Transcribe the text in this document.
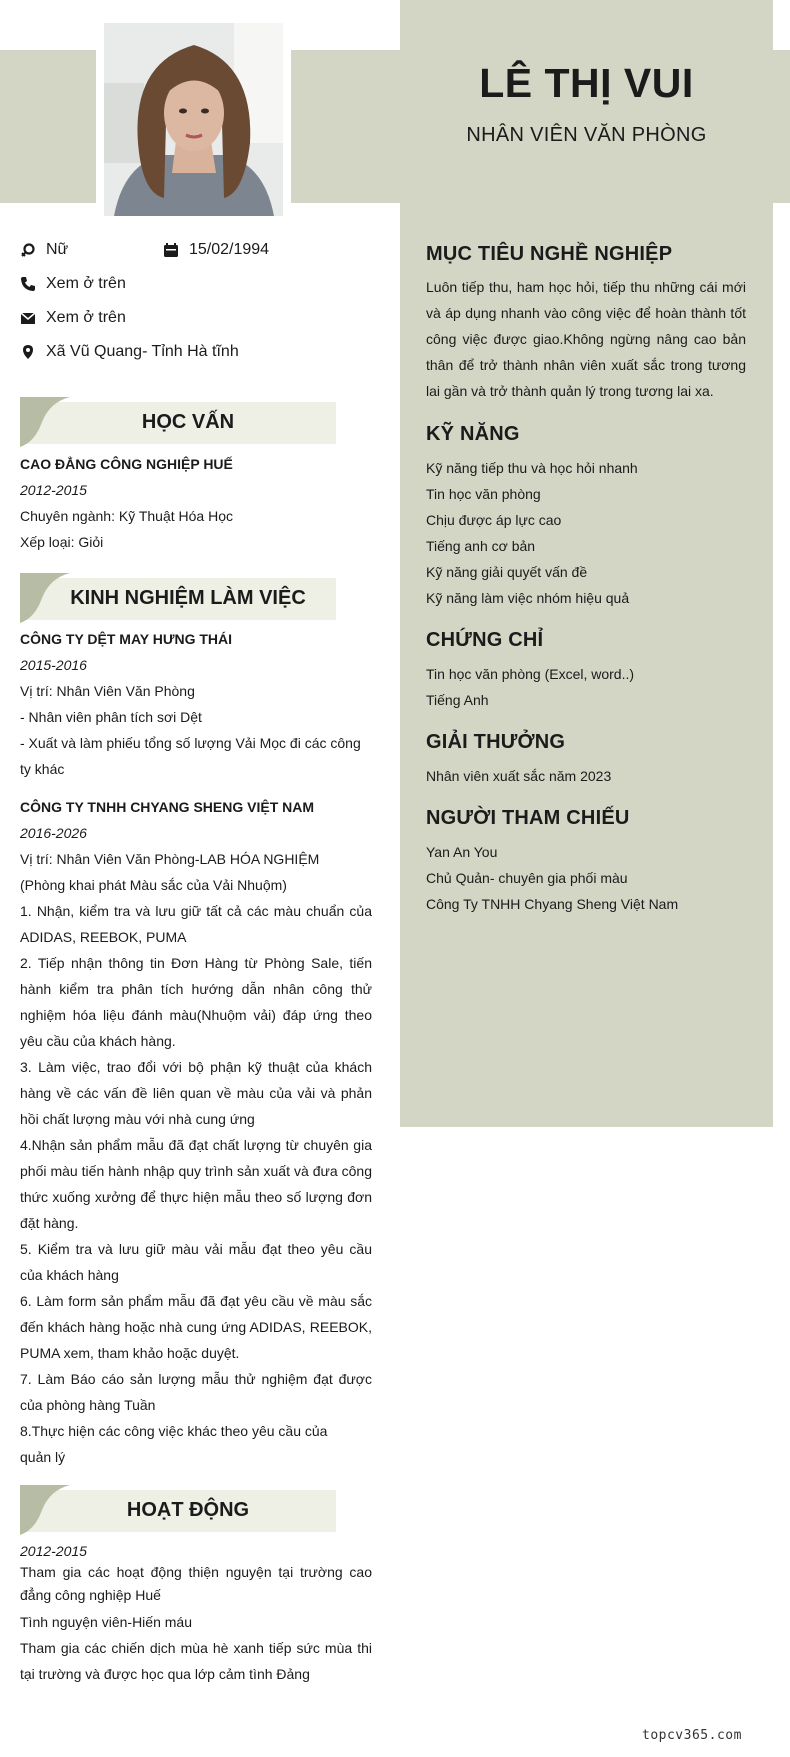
LÊ THỊ VUI
NHÂN VIÊN VĂN PHÒNG
Nữ	15/02/1994
Xem ở trên
Xem ở trên
Xã Vũ Quang- Tỉnh Hà tĩnh
HỌC VẤN
CAO ĐẲNG CÔNG NGHIỆP HUẾ
2012-2015
Chuyên ngành: Kỹ Thuật Hóa Học
Xếp loại: Giỏi
KINH NGHIỆM LÀM VIỆC
CÔNG TY DỆT MAY HƯNG THÁI
2015-2016
Vị trí: Nhân Viên Văn Phòng
- Nhân viên phân tích sơi Dệt
- Xuất và làm phiếu tổng số lượng Vải Mọc đi các công ty khác
CÔNG TY TNHH CHYANG SHENG VIỆT NAM
2016-2026
Vị trí: Nhân Viên Văn Phòng-LAB HÓA NGHIỆM
(Phòng khai phát Màu sắc của Vải Nhuộm)
1. Nhận, kiểm tra và lưu giữ tất cả các màu chuẩn của ADIDAS, REEBOK, PUMA
2. Tiếp nhận thông tin Đơn Hàng từ Phòng Sale, tiến hành kiểm tra phân tích hướng dẫn nhân công thử nghiệm hóa liệu đánh màu(Nhuộm vải) đáp ứng theo yêu cầu của khách hàng.
3. Làm việc, trao đổi với bộ phận kỹ thuật của khách hàng về các vấn đề liên quan về màu của vải và phản hồi chất lượng màu với nhà cung ứng
4.Nhận sản phẩm mẫu đã đạt chất lượng từ chuyên gia phối màu tiến hành nhập quy trình sản xuất và đưa công thức xuống xưởng để thực hiện mẫu theo số lượng đơn đặt hàng.
5. Kiểm tra và lưu giữ màu vải mẫu đạt theo yêu cầu của khách hàng
6. Làm form sản phẩm mẫu đã đạt yêu cầu về màu sắc đến khách hàng hoặc nhà cung ứng ADIDAS, REEBOK, PUMA xem, tham khảo hoặc duyệt.
7. Làm Báo cáo sản lượng mẫu thử nghiệm đạt được của phòng hàng Tuần
8.Thực hiện các công việc khác theo yêu cầu của
quản lý
HOẠT ĐỘNG
2012-2015
Tham gia các hoạt động thiện nguyện tại trường cao đẳng công nghiệp Huế
Tình nguyện viên-Hiến máu
Tham gia các chiến dịch mùa hè xanh tiếp sức mùa thi tại trường và được học qua lớp cảm tình Đảng
MỤC TIÊU NGHỀ NGHIỆP
Luôn tiếp thu, ham học hỏi, tiếp thu những cái mới và áp dụng nhanh vào công việc để hoàn thành tốt công việc được giao.Không ngừng nâng cao bản thân để trở thành nhân viên xuất sắc trong tương lai gần và trở thành quản lý trong tương lai xa.
KỸ NĂNG
Kỹ năng tiếp thu và học hỏi nhanh
Tin học văn phòng
Chịu được áp lực cao
Tiếng anh cơ bản
Kỹ năng giải quyết vấn đề
Kỹ năng làm việc nhóm hiệu quả
CHỨNG CHỈ
Tin học văn phòng (Excel, word..)
Tiếng Anh
GIẢI THƯỞNG
Nhân viên xuất sắc năm 2023
NGƯỜI THAM CHIẾU
Yan An You
Chủ Quản- chuyên gia phối màu
Công Ty TNHH Chyang Sheng Việt Nam
topcv365.com
